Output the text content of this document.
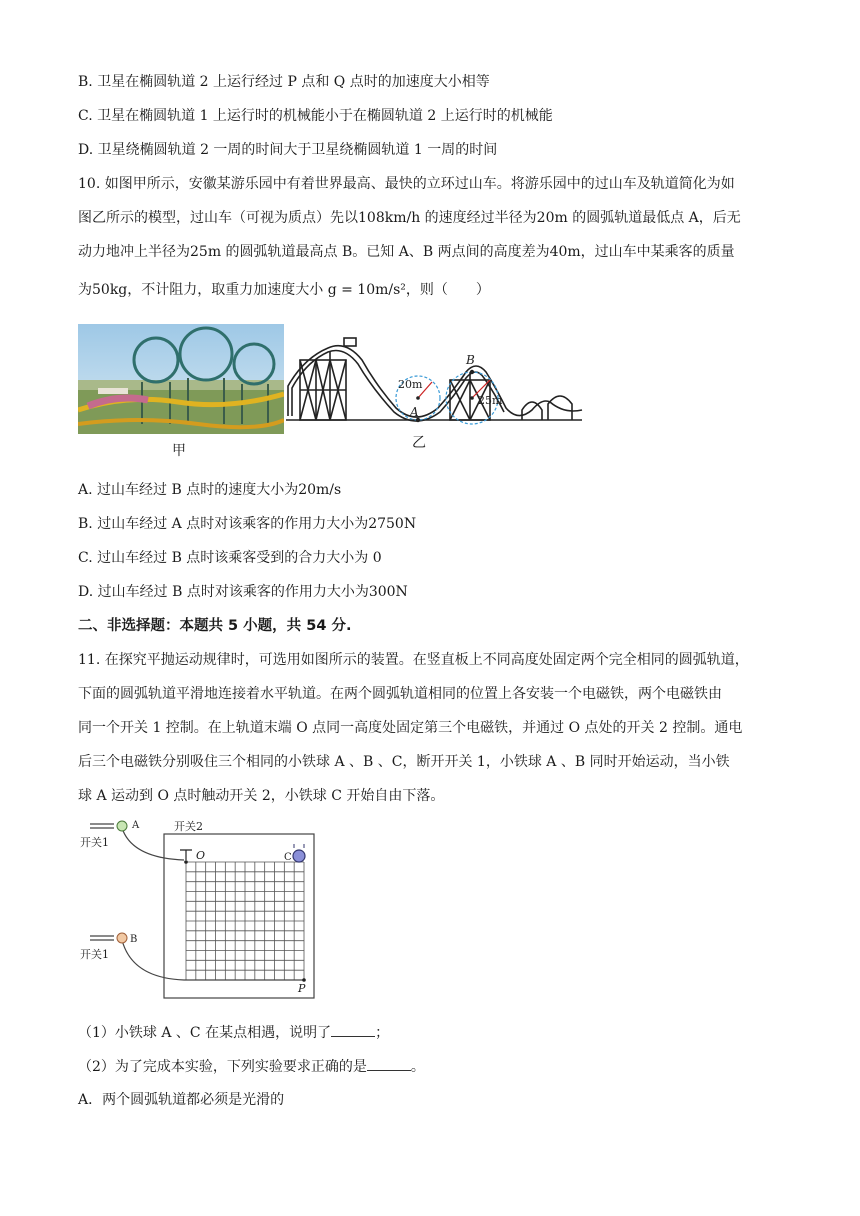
B. 卫星在椭圆轨道 2 上运行经过 P 点和 Q 点时的加速度大小相等
C. 卫星在椭圆轨道 1 上运行时的机械能小于在椭圆轨道 2 上运行时的机械能
D. 卫星绕椭圆轨道 2 一周的时间大于卫星绕椭圆轨道 1 一周的时间
10. 如图甲所示，安徽某游乐园中有着世界最高、最快的立环过山车。将游乐园中的过山车及轨道简化为如
图乙所示的模型，过山车（可视为质点）先以108km/h 的速度经过半径为20m 的圆弧轨道最低点 A，后无
动力地冲上半径为25m 的圆弧轨道最高点 B。已知 A、B 两点间的高度差为40m，过山车中某乘客的质量
为50kg，不计阻力，取重力加速度大小 g = 10m/s²，则（　　）
甲
20m
25m
A
B
乙
A. 过山车经过 B 点时的速度大小为20m/s
B. 过山车经过 A 点时对该乘客的作用力大小为2750N
C. 过山车经过 B 点时该乘客受到的合力大小为 0
D. 过山车经过 B 点时对该乘客的作用力大小为300N
二、非选择题：本题共 5 小题，共 54 分.
11. 在探究平抛运动规律时，可选用如图所示的装置。在竖直板上不同高度处固定两个完全相同的圆弧轨道，
下面的圆弧轨道平滑地连接着水平轨道。在两个圆弧轨道相同的位置上各安装一个电磁铁，两个电磁铁由
同一个开关 1 控制。在上轨道末端 O 点同一高度处固定第三个电磁铁，并通过 O 点处的开关 2 控制。通电
后三个电磁铁分别吸住三个相同的小铁球 A 、B 、C，断开开关 1，小铁球 A 、B 同时开始运动，当小铁
球 A 运动到 O 点时触动开关 2，小铁球 C 开始自由下落。
开关1
开关1
开关2
A
B
C
O
P
（1）小铁球 A 、C 在某点相遇，说明了	；
（2）为了完成本实验，下列实验要求正确的是	。
A．两个圆弧轨道都必须是光滑的
